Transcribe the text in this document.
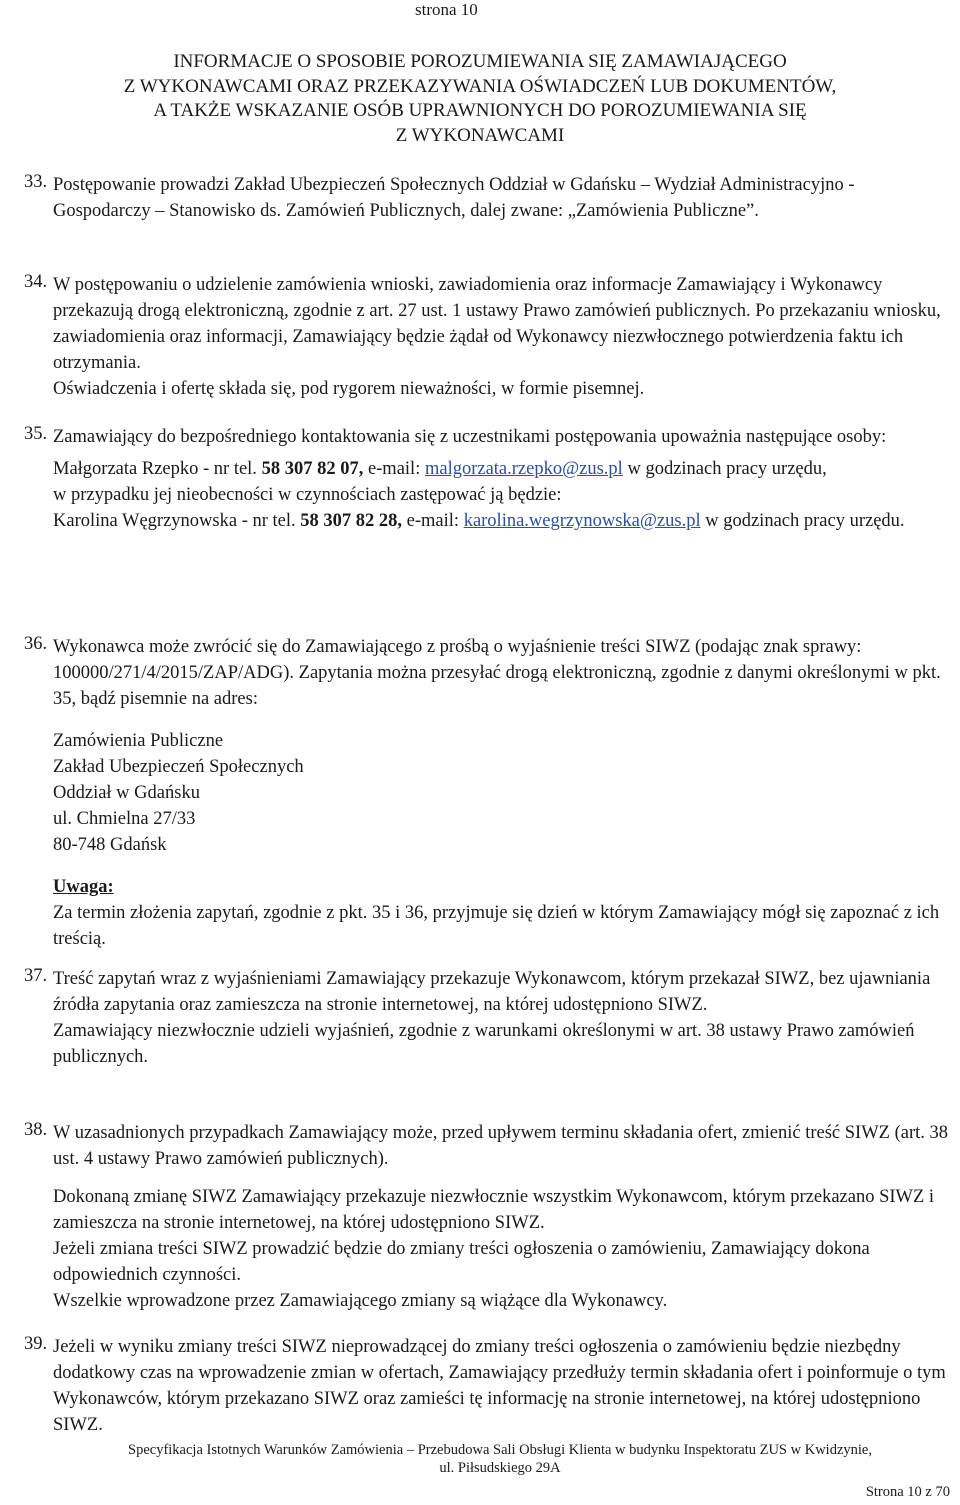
strona 10
INFORMACJE O SPOSOBIE POROZUMIEWANIA SIĘ ZAMAWIAJĄCEGO
Z WYKONAWCAMI ORAZ PRZEKAZYWANIA OŚWIADCZEŃ LUB DOKUMENTÓW,
A TAKŻE WSKAZANIE OSÓB UPRAWNIONYCH DO POROZUMIEWANIA SIĘ
Z WYKONAWCAMI
33. Postępowanie prowadzi Zakład Ubezpieczeń Społecznych Oddział w Gdańsku – Wydział Administracyjno - Gospodarczy – Stanowisko ds. Zamówień Publicznych, dalej zwane: „Zamówienia Publiczne”.

34. W postępowaniu o udzielenie zamówienia wnioski, zawiadomienia oraz informacje Zamawiający i Wykonawcy przekazują drogą elektroniczną, zgodnie z art. 27 ust. 1 ustawy Prawo zamówień publicznych. Po przekazaniu wniosku, zawiadomienia oraz informacji, Zamawiający będzie żądał od Wykonawcy niezwłocznego potwierdzenia faktu ich otrzymania.

Oświadczenia i ofertę składa się, pod rygorem nieważności, w formie pisemnej.

35. Zamawiający do bezpośredniego kontaktowania się z uczestnikami postępowania upoważnia następujące osoby:

Małgorzata Rzepko - nr tel. 58 307 82 07, e-mail: malgorzata.rzepko@zus.pl w godzinach pracy urzędu,

w przypadku jej nieobecności w czynnościach zastępować ją będzie:

Karolina Węgrzynowska - nr tel. 58 307 82 28, e-mail: karolina.wegrzynowska@zus.pl w godzinach pracy urzędu.

36. Wykonawca może zwrócić się do Zamawiającego z prośbą o wyjaśnienie treści SIWZ (podając znak sprawy: 100000/271/4/2015/ZAP/ADG). Zapytania można przesyłać drogą elektroniczną, zgodnie z danymi określonymi w pkt. 35, bądź pisemnie na adres:

Zamówienia Publiczne

Zakład Ubezpieczeń Społecznych

Oddział w Gdańsku

ul. Chmielna 27/33

80-748 Gdańsk

Uwaga:

Za termin złożenia zapytań, zgodnie z pkt. 35 i 36, przyjmuje się dzień w którym Zamawiający mógł się zapoznać z ich treścią.

37. Treść zapytań wraz z wyjaśnieniami Zamawiający przekazuje Wykonawcom, którym przekazał SIWZ, bez ujawniania źródła zapytania oraz zamieszcza na stronie internetowej, na której udostępniono SIWZ.

Zamawiający niezwłocznie udzieli wyjaśnień, zgodnie z warunkami określonymi w art. 38 ustawy Prawo zamówień publicznych.

38. W uzasadnionych przypadkach Zamawiający może, przed upływem terminu składania ofert, zmienić treść SIWZ (art. 38 ust. 4 ustawy Prawo zamówień publicznych).

Dokonaną zmianę SIWZ Zamawiający przekazuje niezwłocznie wszystkim Wykonawcom, którym przekazano SIWZ i zamieszcza na stronie internetowej, na której udostępniono SIWZ.

Jeżeli zmiana treści SIWZ prowadzić będzie do zmiany treści ogłoszenia o zamówieniu, Zamawiający dokona odpowiednich czynności.

Wszelkie wprowadzone przez Zamawiającego zmiany są wiążące dla Wykonawcy.

39. Jeżeli w wyniku zmiany treści SIWZ nieprowadzącej do zmiany treści ogłoszenia o zamówieniu będzie niezbędny dodatkowy czas na wprowadzenie zmian w ofertach, Zamawiający przedłuży termin składania ofert i poinformuje o tym Wykonawców, którym przekazano SIWZ oraz zamieści tę informację na stronie internetowej, na której udostępniono SIWZ.

Specyfikacja Istotnych Warunków Zamówienia – Przebudowa Sali Obsługi Klienta w budynku Inspektoratu ZUS w Kwidzynie,
ul. Piłsudskiego 29A
Strona 10 z 70
